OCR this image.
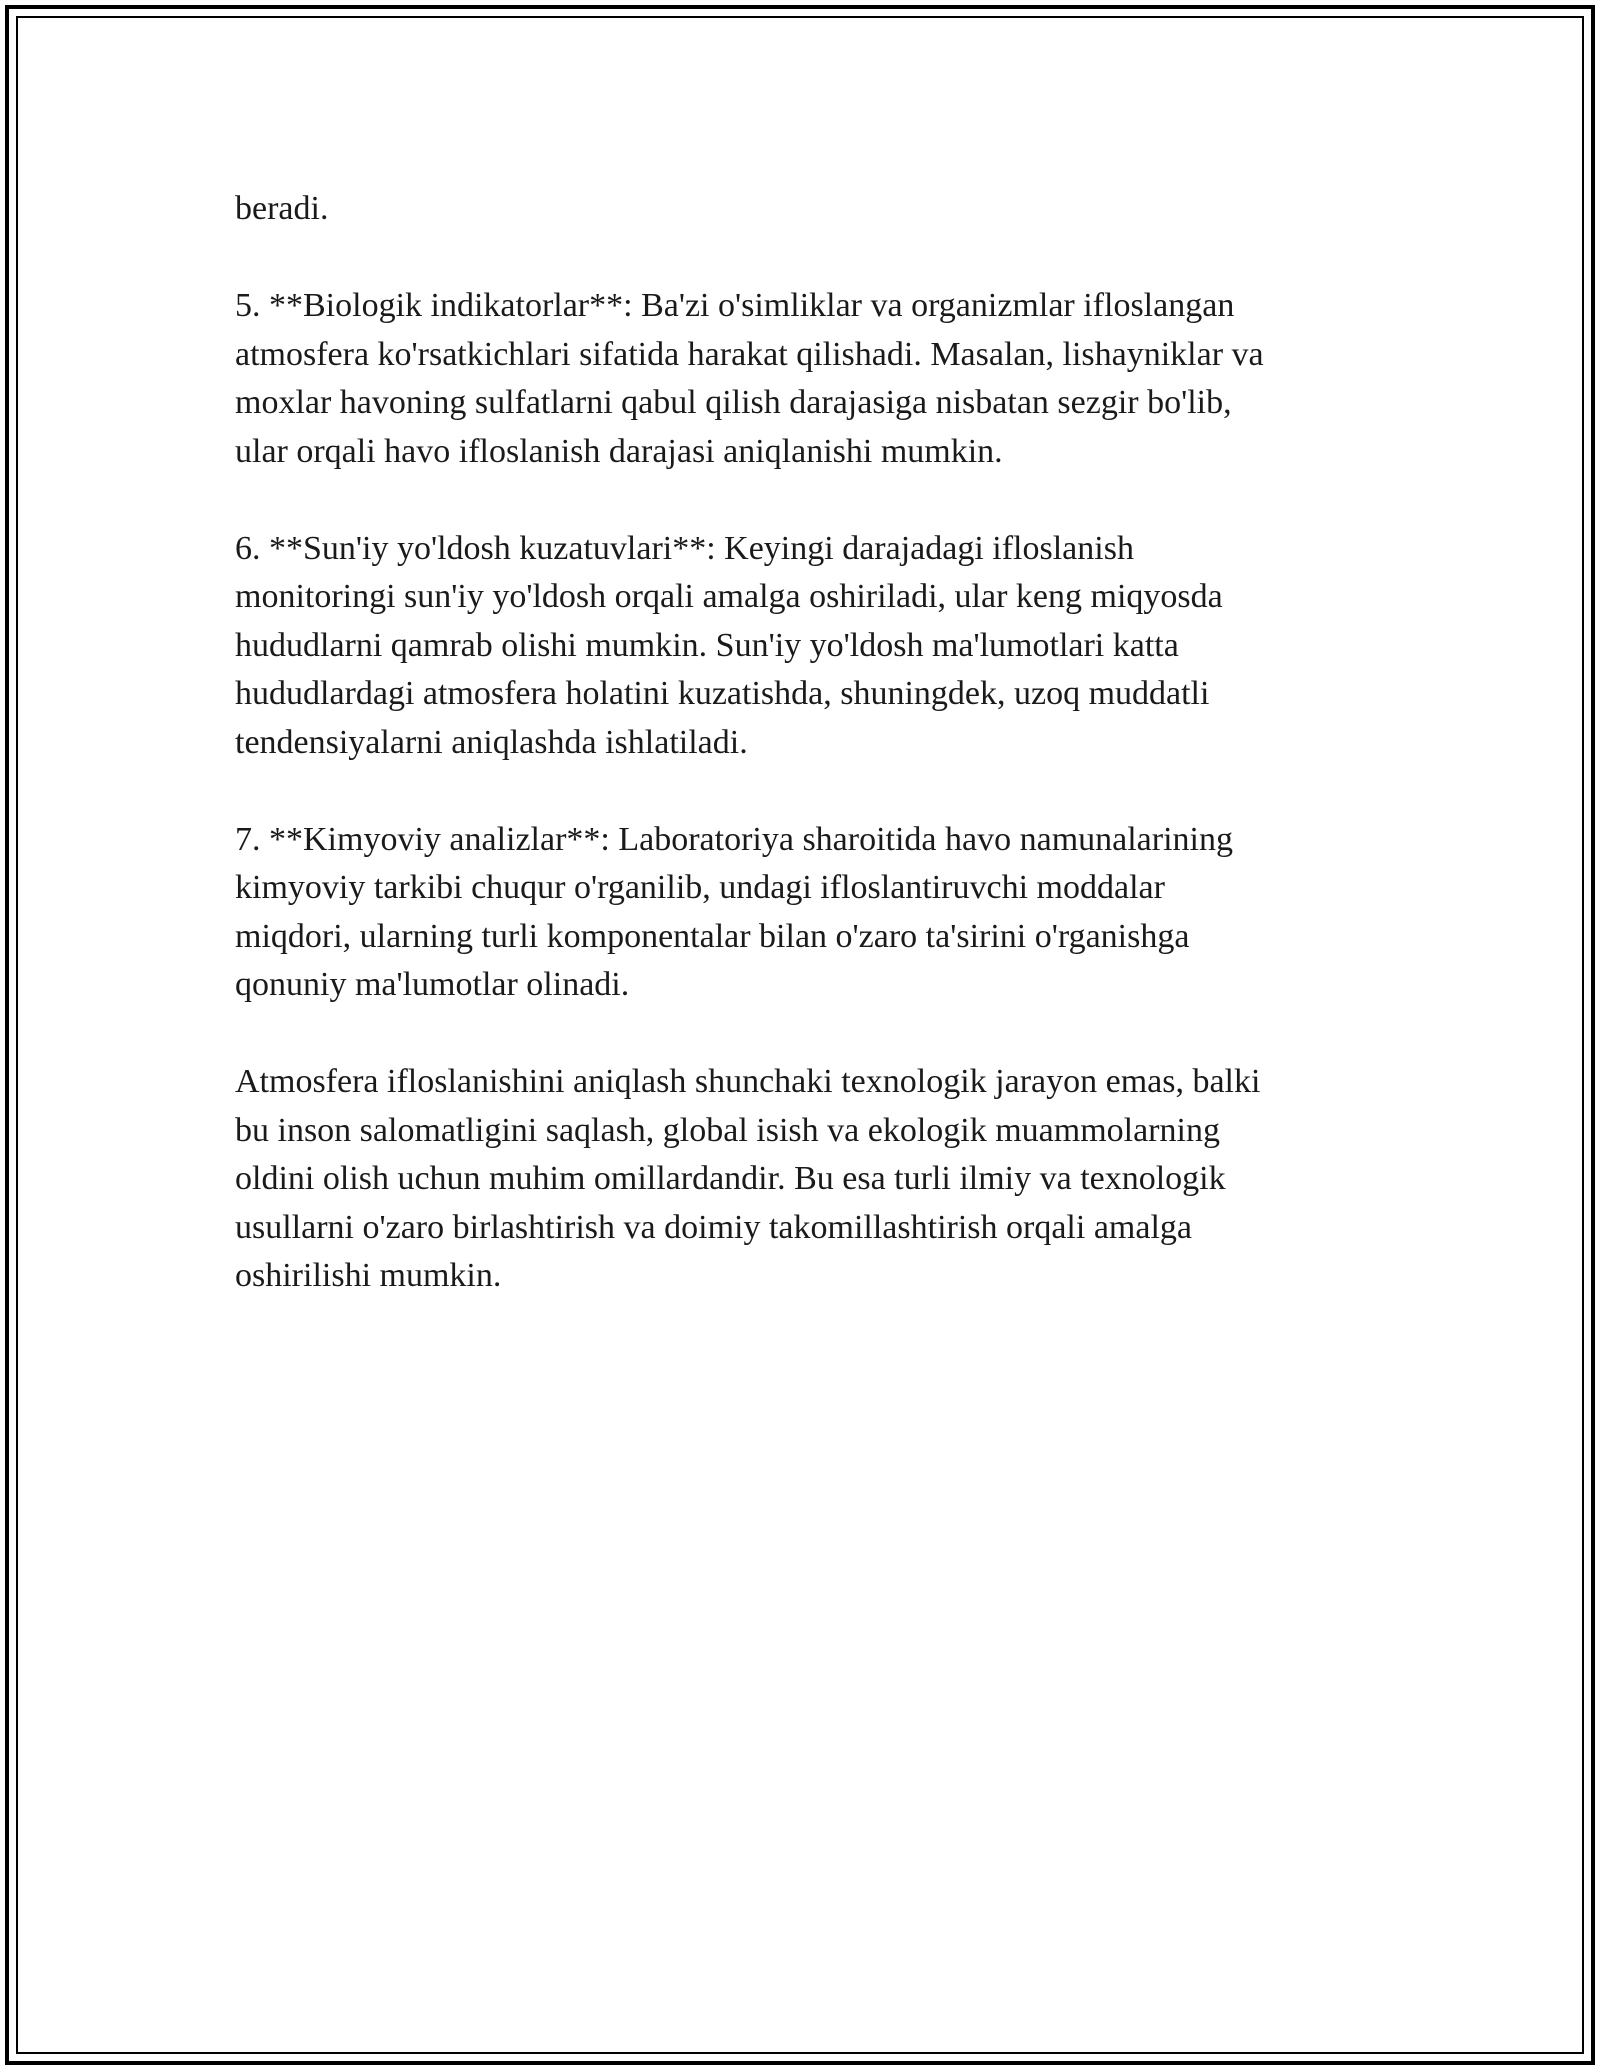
beradi.

5. **Biologik indikatorlar**: Ba'zi o'simliklar va organizmlar ifloslangan
atmosfera ko'rsatkichlari sifatida harakat qilishadi. Masalan, lishayniklar va
moxlar havoning sulfatlarni qabul qilish darajasiga nisbatan sezgir bo'lib,
ular orqali havo ifloslanish darajasi aniqlanishi mumkin.

6. **Sun'iy yo'ldosh kuzatuvlari**: Keyingi darajadagi ifloslanish
monitoringi sun'iy yo'ldosh orqali amalga oshiriladi, ular keng miqyosda
hududlarni qamrab olishi mumkin. Sun'iy yo'ldosh ma'lumotlari katta
hududlardagi atmosfera holatini kuzatishda, shuningdek, uzoq muddatli
tendensiyalarni aniqlashda ishlatiladi.

7. **Kimyoviy analizlar**: Laboratoriya sharoitida havo namunalarining
kimyoviy tarkibi chuqur o'rganilib, undagi ifloslantiruvchi moddalar
miqdori, ularning turli komponentalar bilan o'zaro ta'sirini o'rganishga
qonuniy ma'lumotlar olinadi.

Atmosfera ifloslanishini aniqlash shunchaki texnologik jarayon emas, balki
bu inson salomatligini saqlash, global isish va ekologik muammolarning
oldini olish uchun muhim omillardandir. Bu esa turli ilmiy va texnologik
usullarni o'zaro birlashtirish va doimiy takomillashtirish orqali amalga
oshirilishi mumkin.
